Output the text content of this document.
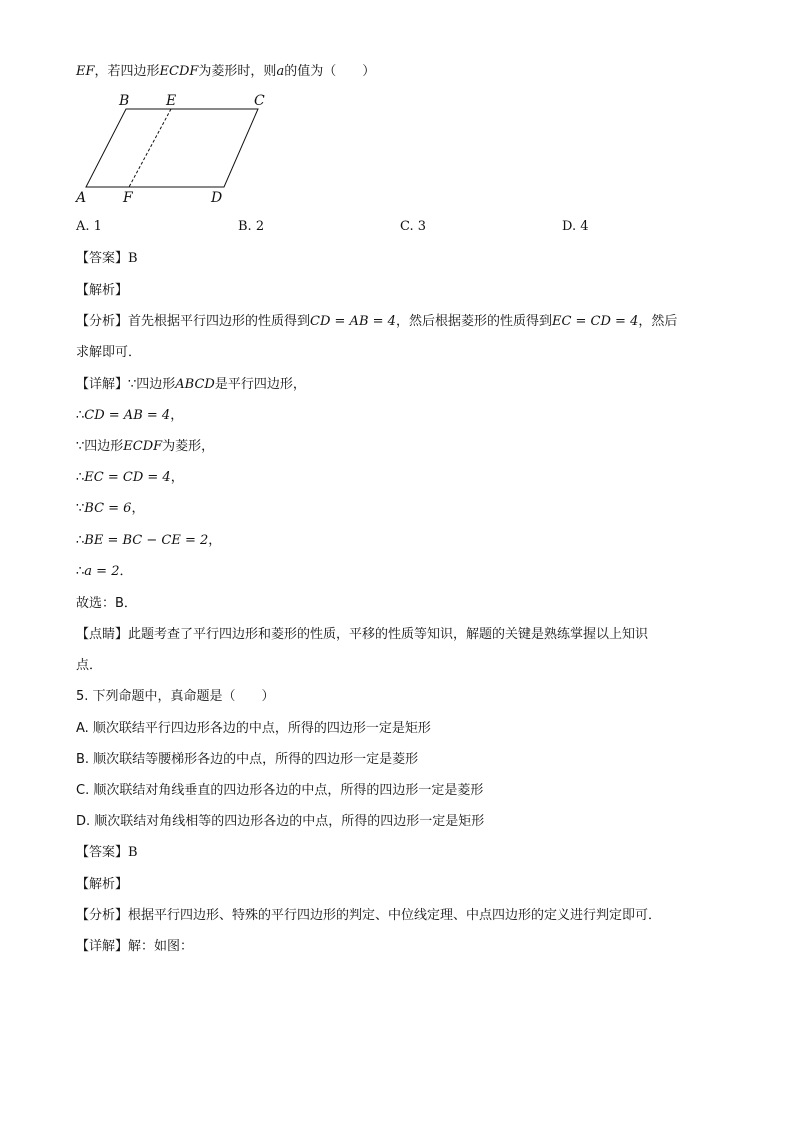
EF，若四边形ECDF为菱形时，则a的值为（　　）
B	E	C
A	F	D
A. 1	B. 2	C. 3	D. 4
【答案】B
【解析】
【分析】首先根据平行四边形的性质得到CD = AB = 4，然后根据菱形的性质得到EC = CD = 4，然后
求解即可．
【详解】∵四边形ABCD是平行四边形，
∴CD = AB = 4，
∵四边形ECDF为菱形，
∴EC = CD = 4，
∵BC = 6，
∴BE = BC − CE = 2，
∴a = 2．
故选：B．
【点睛】此题考查了平行四边形和菱形的性质，平移的性质等知识，解题的关键是熟练掌握以上知识
点．
5. 下列命题中，真命题是（　　）
A. 顺次联结平行四边形各边的中点，所得的四边形一定是矩形
B. 顺次联结等腰梯形各边的中点，所得的四边形一定是菱形
C. 顺次联结对角线垂直的四边形各边的中点，所得的四边形一定是菱形
D. 顺次联结对角线相等的四边形各边的中点，所得的四边形一定是矩形
【答案】B
【解析】
【分析】根据平行四边形、特殊的平行四边形的判定、中位线定理、中点四边形的定义进行判定即可．
【详解】解：如图：
